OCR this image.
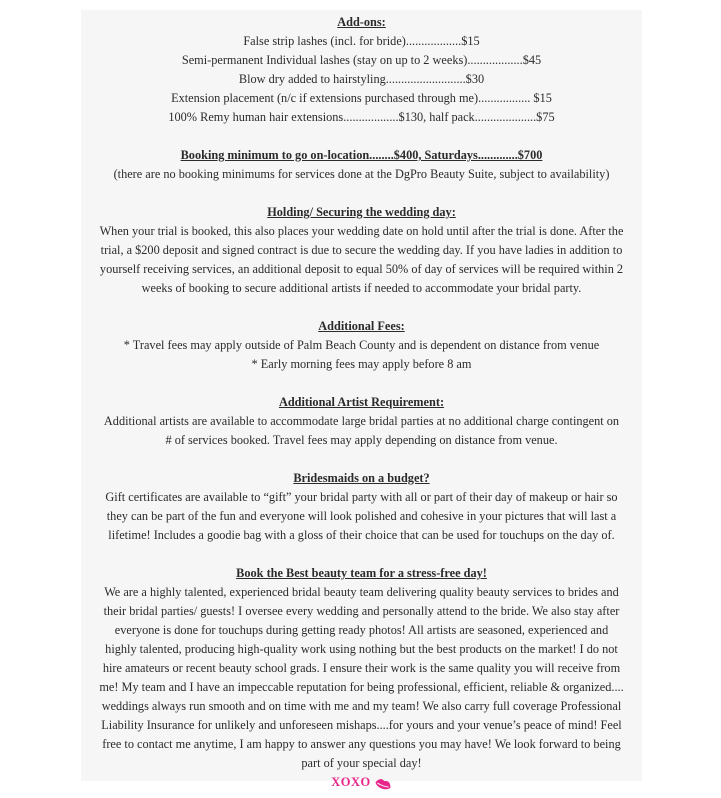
Add-ons:

False strip lashes (incl. for bride)..................$15

Semi-permanent Individual lashes (stay on up to 2 weeks)..................$45

Blow dry added to hairstyling..........................$30

Extension placement (n/c if extensions purchased through me)................. $15

100% Remy human hair extensions..................$130, half pack....................$75

Booking minimum to go on-location........$400, Saturdays.............$700

(there are no booking minimums for services done at the DgPro Beauty Suite, subject to availability)

Holding/ Securing the wedding day:

When your trial is booked, this also places your wedding date on hold until after the trial is done. After the

trial, a $200 deposit and signed contract is due to secure the wedding day. If you have ladies in addition to

yourself receiving services, an additional deposit to equal 50% of day of services will be required within 2

weeks of booking to secure additional artists if needed to accommodate your bridal party.

Additional Fees:

* Travel fees may apply outside of Palm Beach County and is dependent on distance from venue

* Early morning fees may apply before 8 am

Additional Artist Requirement:

Additional artists are available to accommodate large bridal parties at no additional charge contingent on

# of services booked. Travel fees may apply depending on distance from venue.

Bridesmaids on a budget?

Gift certificates are available to “gift” your bridal party with all or part of their day of makeup or hair so

they can be part of the fun and everyone will look polished and cohesive in your pictures that will last a

lifetime! Includes a goodie bag with a gloss of their choice that can be used for touchups on the day of.

Book the Best beauty team for a stress-free day!

We are a highly talented, experienced bridal beauty team delivering quality beauty services to brides and

their bridal parties/ guests! I oversee every wedding and personally attend to the bride. We also stay after

everyone is done for touchups during getting ready photos! All artists are seasoned, experienced and

highly talented, producing high-quality work using nothing but the best products on the market! I do not

hire amateurs or recent beauty school grads. I ensure their work is the same quality you will receive from

me! My team and I have an impeccable reputation for being professional, efficient, reliable & organized....

weddings always run smooth and on time with me and my team! We also carry full coverage Professional

Liability Insurance for unlikely and unforeseen mishaps....for yours and your venue’s peace of mind! Feel

free to contact me anytime, I am happy to answer any questions you may have! We look forward to being

part of your special day!

XOXO
